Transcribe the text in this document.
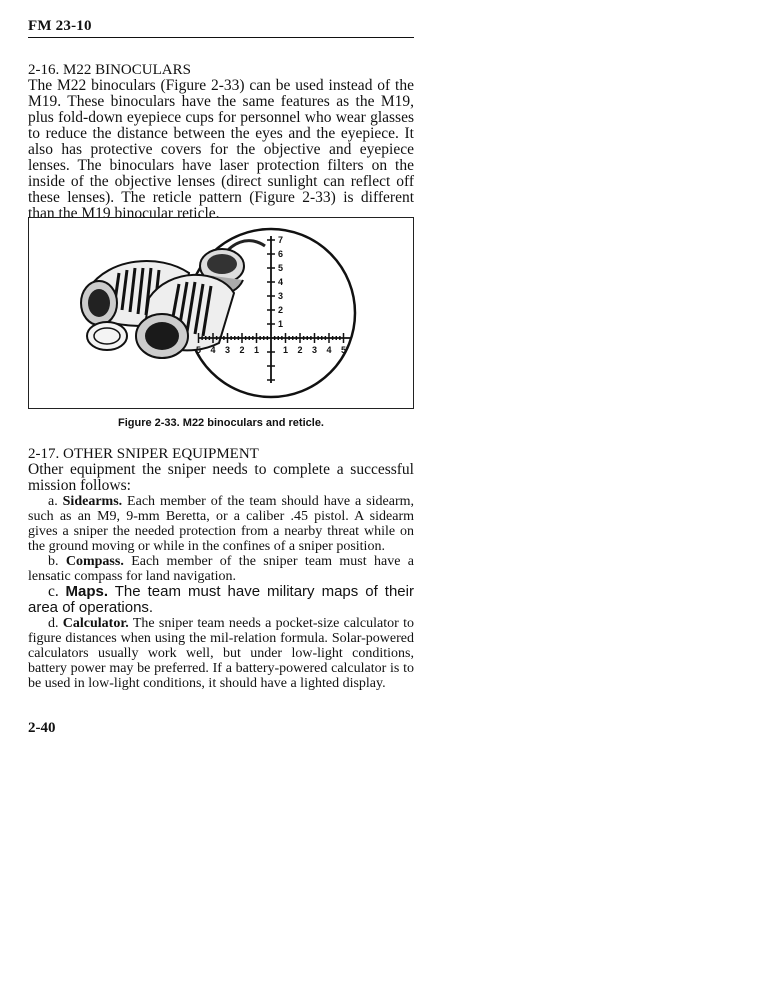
FM 23-10
2-16. M22 BINOCULARS

The M22 binoculars (Figure 2-33) can be used instead of the M19. These binoculars have the same features as the M19, plus fold-down eyepiece cups for personnel who wear glasses to reduce the distance between the eyes and the eyepiece. It also has protective covers for the objective and eyepiece lenses. The binoculars have laser protection filters on the inside of the objective lenses (direct sunlight can reflect off these lenses). The reticle pattern (Figure 2-33) is different than the M19 binocular reticle.

7
6
5
4
3
2
1
5 4 3 2 1	1 2 3 4 5
Figure 2-33. M22 binoculars and reticle.
2-17. OTHER SNIPER EQUIPMENT

Other equipment the sniper needs to complete a successful mission follows:

a. Sidearms. Each member of the team should have a sidearm, such as an M9, 9-mm Beretta, or a caliber .45 pistol. A sidearm gives a sniper the needed protection from a nearby threat while on the ground moving or while in the confines of a sniper position.

b. Compass. Each member of the sniper team must have a lensatic compass for land navigation.

c. Maps. The team must have military maps of their area of operations.

d. Calculator. The sniper team needs a pocket-size calculator to figure distances when using the mil-relation formula. Solar-powered calculators usually work well, but under low-light conditions, battery power may be preferred. If a battery-powered calculator is to be used in low-light conditions, it should have a lighted display.

2-40
